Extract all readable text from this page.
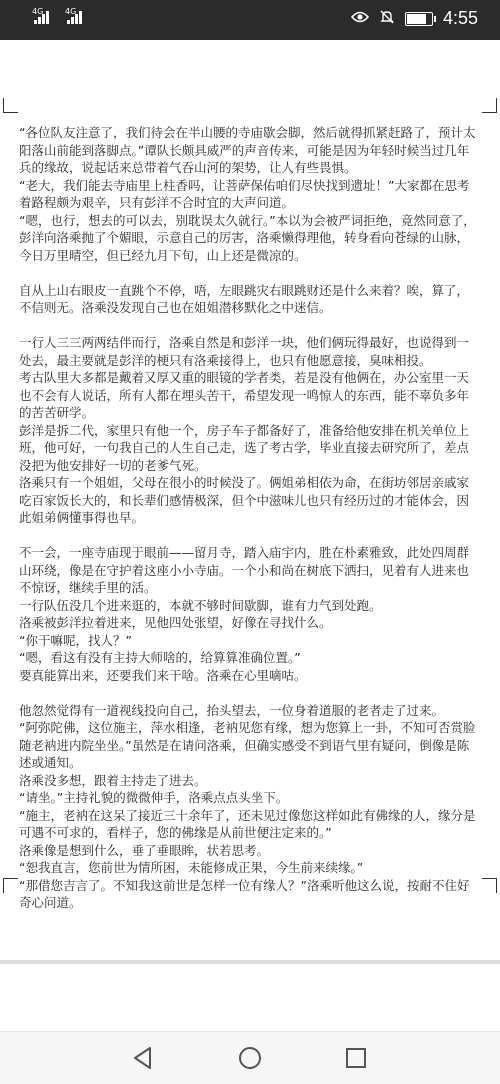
4G	4G	4:55

“各位队友注意了，我们待会在半山腰的寺庙歇会脚，然后就得抓紧赶路了，预计太阳落山前能到落脚点。”谭队长颇具威严的声音传来，可能是因为年轻时候当过几年兵的缘故，说起话来总带着气吞山河的架势，让人有些畏惧。

“老大，我们能去寺庙里上柱香吗，让菩萨保佑咱们尽快找到遗址！”大家都在思考着路程颇为艰辛，只有彭洋不合时宜的大声问道。

“嗯，也行，想去的可以去，别耽误太久就行。”本以为会被严词拒绝，竟然同意了，彭洋向洛乘抛了个媚眼，示意自己的厉害，洛乘懒得理他，转身看向苍绿的山脉，今日万里晴空，但已经九月下旬，山上还是微凉的。

自从上山右眼皮一直跳个不停，唔，左眼跳灾右眼跳财还是什么来着？唉，算了，不信则无。洛乘没发现自己也在姐姐潜移默化之中迷信。

一行人三三两两结伴而行，洛乘自然是和彭洋一块，他们俩玩得最好，也说得到一处去，最主要就是彭洋的梗只有洛乘接得上，也只有他愿意接，臭味相投。

考古队里大多都是戴着又厚又重的眼镜的学者类，若是没有他俩在，办公室里一天也不会有人说话，所有人都在埋头苦干，希望发现一鸣惊人的东西，能不辜负多年的苦苦研学。

彭洋是拆二代，家里只有他一个，房子车子都备好了，准备给他安排在机关单位上班，他可好，一句我自己的人生自己走，选了考古学，毕业直接去研究所了，差点没把为他安排好一切的老爹气死。

洛乘只有一个姐姐，父母在很小的时候没了。俩姐弟相依为命，在街坊邻居亲戚家吃百家饭长大的，和长辈们感情极深，但个中滋味儿也只有经历过的才能体会，因此姐弟俩懂事得也早。

不一会，一座寺庙现于眼前——留月寺，踏入庙宇内，胜在朴素雅致，此处四周群山环绕，像是在守护着这座小小寺庙。一个小和尚在树底下洒扫，见着有人进来也不惊讶，继续手里的活。

一行队伍没几个进来逛的，本就不够时间歇脚，谁有力气到处跑。

洛乘被彭洋拉着进来，见他四处张望，好像在寻找什么。

“你干嘛呢，找人？”

“嗯，看这有没有主持大师啥的，给算算准确位置。”

要真能算出来，还要我们来干啥。洛乘在心里嘀咕。

他忽然觉得有一道视线投向自己，抬头望去，一位身着道服的老者走了过来。

“阿弥陀佛，这位施主，萍水相逢，老衲见您有缘，想为您算上一卦，不知可否赏脸随老衲进内院坐坐。”虽然是在请问洛乘，但确实感受不到语气里有疑问，倒像是陈述或通知。

洛乘没多想，跟着主持走了进去。

“请坐。”主持礼貌的微微伸手，洛乘点点头坐下。

“施主，老衲在这呆了接近三十余年了，还未见过像您这样如此有佛缘的人，缘分是可遇不可求的，看样子，您的佛缘是从前世便注定来的。”

洛乘像是想到什么，垂了垂眼眸，状若思考。

“恕我直言，您前世为情所困，未能修成正果，今生前来续缘。”

“那借您吉言了。不知我这前世是怎样一位有缘人？”洛乘听他这么说，按耐不住好奇心问道。
